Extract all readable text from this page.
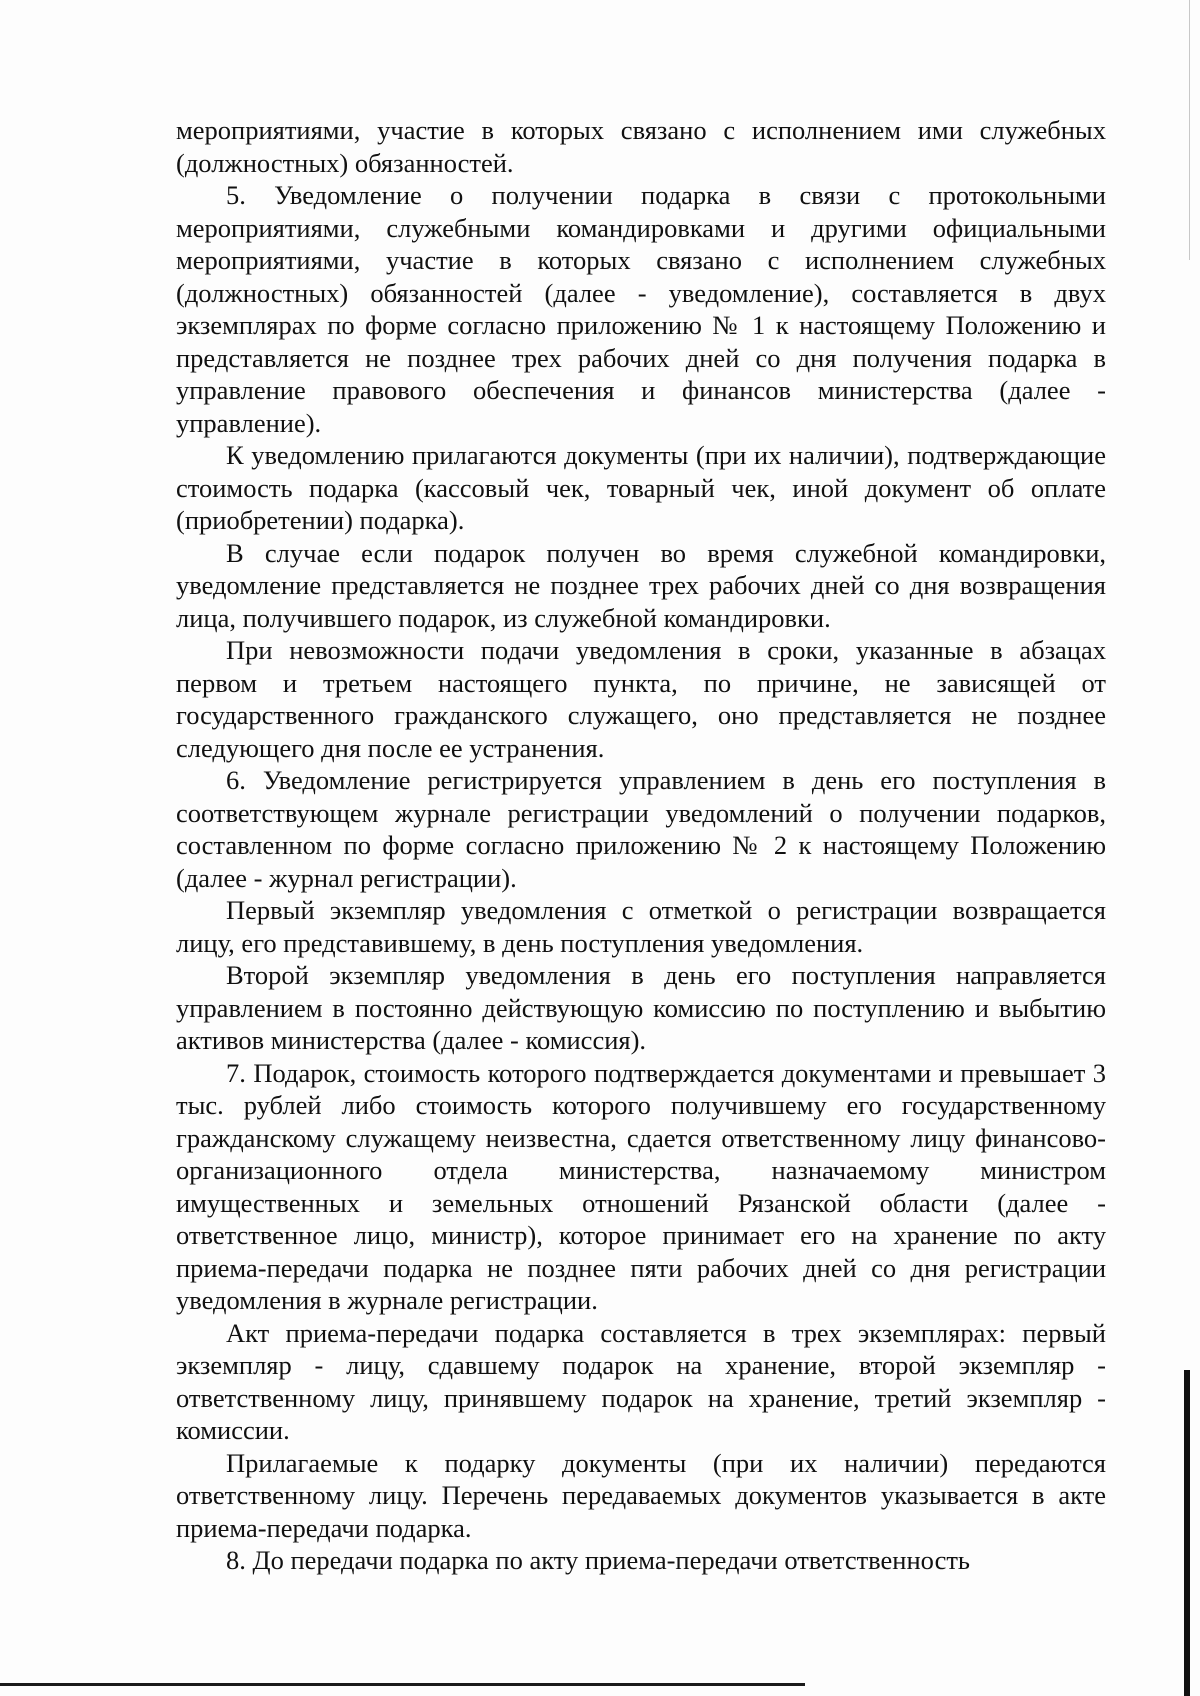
мероприятиями, участие в которых связано с исполнением ими служебных (должностных) обязанностей.

5. Уведомление о получении подарка в связи с протокольными мероприятиями, служебными командировками и другими официальными мероприятиями, участие в которых связано с исполнением служебных (должностных) обязанностей (далее - уведомление), составляется в двух экземплярах по форме согласно приложению № 1 к настоящему Положению и представляется не позднее трех рабочих дней со дня получения подарка в управление правового обеспечения и финансов министерства (далее - управление).

К уведомлению прилагаются документы (при их наличии), подтверждающие стоимость подарка (кассовый чек, товарный чек, иной документ об оплате (приобретении) подарка).

В случае если подарок получен во время служебной командировки, уведомление представляется не позднее трех рабочих дней со дня возвращения лица, получившего подарок, из служебной командировки.

При невозможности подачи уведомления в сроки, указанные в абзацах первом и третьем настоящего пункта, по причине, не зависящей от государственного гражданского служащего, оно представляется не позднее следующего дня после ее устранения.

6. Уведомление регистрируется управлением в день его поступления в соответствующем журнале регистрации уведомлений о получении подарков, составленном по форме согласно приложению № 2 к настоящему Положению (далее - журнал регистрации).

Первый экземпляр уведомления с отметкой о регистрации возвращается лицу, его представившему, в день поступления уведомления.

Второй экземпляр уведомления в день его поступления направляется управлением в постоянно действующую комиссию по поступлению и выбытию активов министерства (далее - комиссия).

7. Подарок, стоимость которого подтверждается документами и превышает 3 тыс. рублей либо стоимость которого получившему его государственному гражданскому служащему неизвестна, сдается ответственному лицу финансово-организационного отдела министерства, назначаемому министром имущественных и земельных отношений Рязанской области (далее - ответственное лицо, министр), которое принимает его на хранение по акту приема-передачи подарка не позднее пяти рабочих дней со дня регистрации уведомления в журнале регистрации.

Акт приема-передачи подарка составляется в трех экземплярах: первый экземпляр - лицу, сдавшему подарок на хранение, второй экземпляр - ответственному лицу, принявшему подарок на хранение, третий экземпляр - комиссии.

Прилагаемые к подарку документы (при их наличии) передаются ответственному лицу. Перечень передаваемых документов указывается в акте приема-передачи подарка.

8. До передачи подарка по акту приема-передачи ответственность
